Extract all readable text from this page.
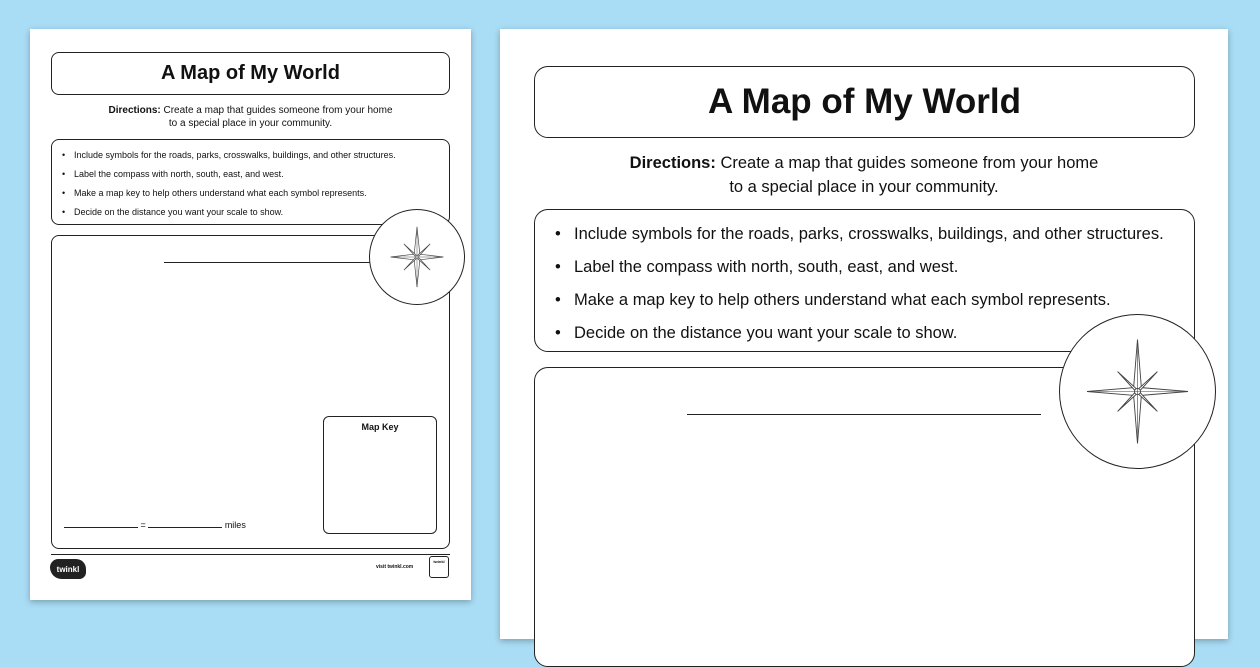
A Map of My World
Directions: Create a map that guides someone from your home
to a special place in your community.
• Include symbols for the roads, parks, crosswalks, buildings, and other structures.
• Label the compass with north, south, east, and west.
• Make a map key to help others understand what each symbol represents.
• Decide on the distance you want your scale to show.
Map Key
=	miles
twinkl	visit twinkl.com
twinkl
A Map of My World
Directions: Create a map that guides someone from your home
to a special place in your community.
• Include symbols for the roads, parks, crosswalks, buildings, and other structures.
• Label the compass with north, south, east, and west.
• Make a map key to help others understand what each symbol represents.
• Decide on the distance you want your scale to show.
